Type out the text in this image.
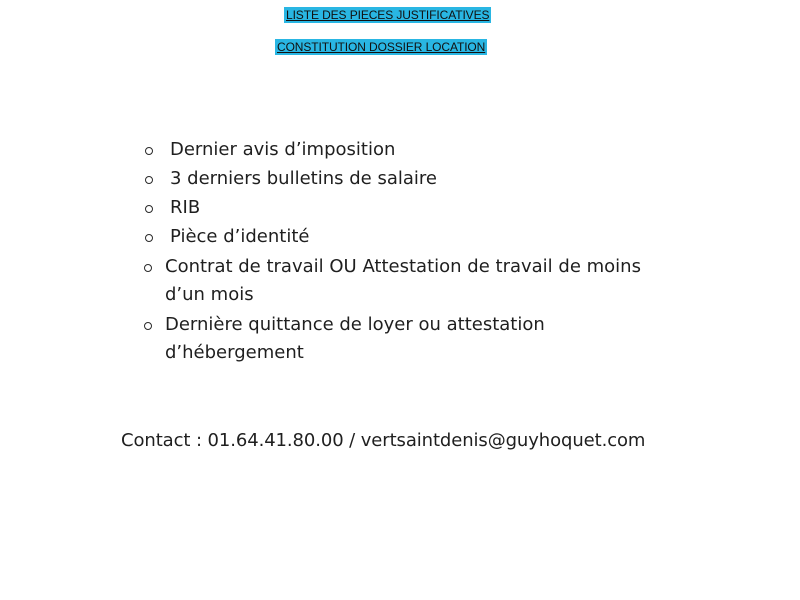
LISTE DES PIECES JUSTIFICATIVES
CONSTITUTION DOSSIER LOCATION
Dernier avis d’imposition
3 derniers bulletins de salaire
RIB
Pièce d’identité
Contrat de travail OU Attestation de travail de moins
d’un mois
Dernière quittance de loyer ou attestation
d’hébergement
Contact : 01.64.41.80.00 / vertsaintdenis@guyhoquet.com
